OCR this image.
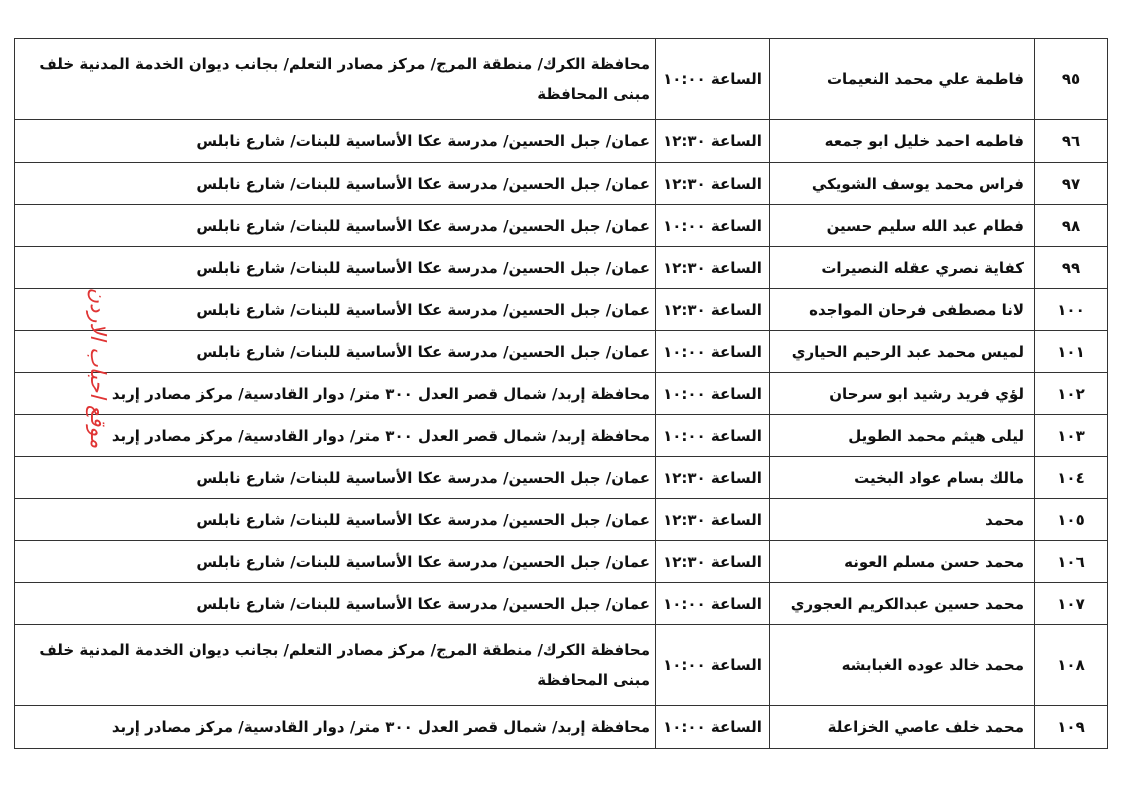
٩٥	فاطمة علي محمد النعيمات	الساعة ١٠:٠٠	محافظة الكرك/ منطقة المرج/ مركز مصادر التعلم/ بجانب ديوان الخدمة المدنية خلف مبنى المحافظة
٩٦	فاطمه احمد خليل ابو جمعه	الساعة ١٢:٣٠	عمان/ جبل الحسين/ مدرسة عكا الأساسية للبنات/ شارع نابلس
٩٧	فراس محمد يوسف الشويكي	الساعة ١٢:٣٠	عمان/ جبل الحسين/ مدرسة عكا الأساسية للبنات/ شارع نابلس
٩٨	فطام عبد الله سليم حسين	الساعة ١٠:٠٠	عمان/ جبل الحسين/ مدرسة عكا الأساسية للبنات/ شارع نابلس
٩٩	كفاية نصري عقله النصيرات	الساعة ١٢:٣٠	عمان/ جبل الحسين/ مدرسة عكا الأساسية للبنات/ شارع نابلس
١٠٠	لانا مصطفى فرحان المواجده	الساعة ١٢:٣٠	عمان/ جبل الحسين/ مدرسة عكا الأساسية للبنات/ شارع نابلس
١٠١	لميس محمد عبد الرحيم الحياري	الساعة ١٠:٠٠	عمان/ جبل الحسين/ مدرسة عكا الأساسية للبنات/ شارع نابلس
١٠٢	لؤي فريد رشيد ابو سرحان	الساعة ١٠:٠٠	محافظة إربد/ شمال قصر العدل ٣٠٠ متر/ دوار القادسية/ مركز مصادر إربد
١٠٣	ليلى هيثم محمد الطويل	الساعة ١٠:٠٠	محافظة إربد/ شمال قصر العدل ٣٠٠ متر/ دوار القادسية/ مركز مصادر إربد
١٠٤	مالك بسام عواد البخيت	الساعة ١٢:٣٠	عمان/ جبل الحسين/ مدرسة عكا الأساسية للبنات/ شارع نابلس
١٠٥	محمد	الساعة ١٢:٣٠	عمان/ جبل الحسين/ مدرسة عكا الأساسية للبنات/ شارع نابلس
١٠٦	محمد حسن مسلم العونه	الساعة ١٢:٣٠	عمان/ جبل الحسين/ مدرسة عكا الأساسية للبنات/ شارع نابلس
١٠٧	محمد حسين عبدالكريم العجوري	الساعة ١٠:٠٠	عمان/ جبل الحسين/ مدرسة عكا الأساسية للبنات/ شارع نابلس
١٠٨	محمد خالد عوده الغبابشه	الساعة ١٠:٠٠	محافظة الكرك/ منطقة المرج/ مركز مصادر التعلم/ بجانب ديوان الخدمة المدنية خلف مبنى المحافظة
١٠٩	محمد خلف عاصي الخزاعلة	الساعة ١٠:٠٠	محافظة إربد/ شمال قصر العدل ٣٠٠ متر/ دوار القادسية/ مركز مصادر إربد
موقع احباب الاردن
